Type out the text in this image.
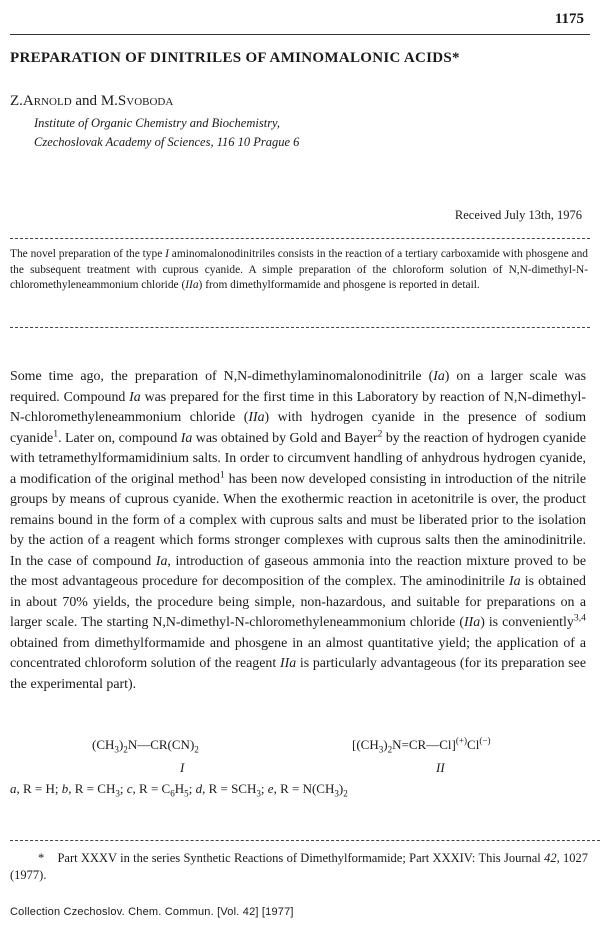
1175
PREPARATION OF DINITRILES OF AMINOMALONIC ACIDS*
Z.Arnold and M.Svoboda
Institute of Organic Chemistry and Biochemistry,
Czechoslovak Academy of Sciences, 116 10 Prague 6
Received July 13th, 1976
The novel preparation of the type I aminomalonodinitriles consists in the reaction of a tertiary carboxamide with phosgene and the subsequent treatment with cuprous cyanide. A simple preparation of the chloroform solution of N,N-dimethyl-N-chloromethyleneammonium chloride (IIa) from dimethylformamide and phosgene is reported in detail.
Some time ago, the preparation of N,N-dimethylaminomalonodinitrile (Ia) on a larger scale was required. Compound Ia was prepared for the first time in this Laboratory by reaction of N,N-dimethyl-N-chloromethyleneammonium chloride (IIa) with hydrogen cyanide in the presence of sodium cyanide$^1$. Later on, compound Ia was obtained by Gold and Bayer$^2$ by the reaction of hydrogen cyanide with tetramethylformamidinium salts. In order to circumvent handling of anhydrous hydrogen cyanide, a modification of the original method$^1$ has been now developed consisting in introduction of the nitrile groups by means of cuprous cyanide. When the exothermic reaction in acetonitrile is over, the product remains bound in the form of a complex with cuprous salts and must be liberated prior to the isolation by the action of a reagent which forms stronger complexes with cuprous salts then the aminodinitrile. In the case of compound Ia, introduction of gaseous ammonia into the reaction mixture proved to be the most advantageous procedure for decomposition of the complex. The aminodinitrile Ia is obtained in about 70% yields, the procedure being simple, non-hazardous, and suitable for preparations on a larger scale. The starting N,N-dimethyl-N-chloromethyleneammonium chloride (IIa) is conveniently$^{3,4}$ obtained from dimethylformamide and phosgene in an almost quantitative yield; the application of a concentrated chloroform solution of the reagent IIa is particularly advantageous (for its preparation see the experimental part).
$(CH_3)_2N—CR(CN)_2$
I
$[(CH_3)_2N=CR—Cl]^{(+)}Cl^{(-)}$
II
a, R = H; b, $R = CH_3$; c, $R = C_6H_5$; d, $R = SCH_3$; e, $R = N(CH_3)_2$
* Part XXXV in the series Synthetic Reactions of Dimethylformamide; Part XXXIV: This Journal 42, 1027 (1977).
Collection Czechoslov. Chem. Commun. [Vol. 42] [1977]
